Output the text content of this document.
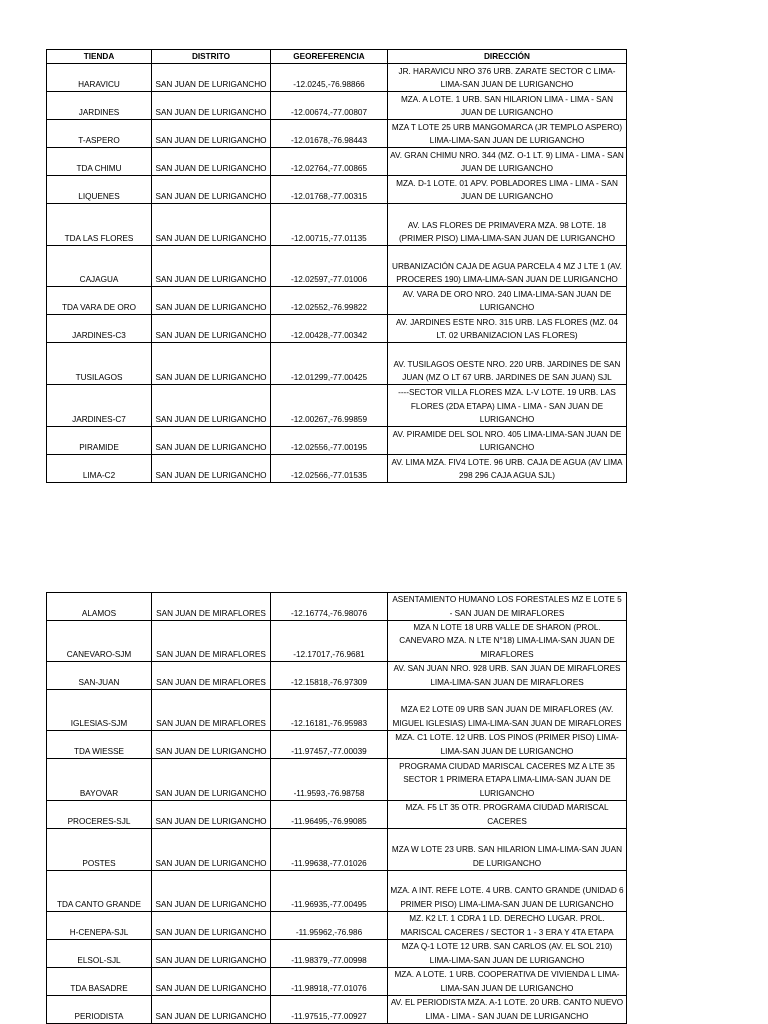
TIENDA	DISTRITO	GEOREFERENCIA	DIRECCIÓN
HARAVICU	SAN JUAN DE LURIGANCHO	-12.0245,-76.98866	JR. HARAVICU NRO 376 URB. ZARATE SECTOR C LIMA-LIMA-SAN JUAN DE LURIGANCHO
JARDINES	SAN JUAN DE LURIGANCHO	-12.00674,-77.00807	MZA. A LOTE. 1 URB. SAN HILARION LIMA - LIMA - SAN JUAN DE LURIGANCHO
T-ASPERO	SAN JUAN DE LURIGANCHO	-12.01678,-76.98443	MZA T LOTE 25 URB MANGOMARCA (JR TEMPLO ASPERO) LIMA-LIMA-SAN JUAN DE LURIGANCHO
TDA CHIMU	SAN JUAN DE LURIGANCHO	-12.02764,-77.00865	AV. GRAN CHIMU NRO. 344 (MZ. O-1 LT. 9) LIMA - LIMA - SAN JUAN DE LURIGANCHO
LIQUENES	SAN JUAN DE LURIGANCHO	-12.01768,-77.00315	MZA. D-1 LOTE. 01 APV. POBLADORES LIMA - LIMA - SAN JUAN DE LURIGANCHO
TDA LAS FLORES	SAN JUAN DE LURIGANCHO	-12.00715,-77.01135	AV. LAS FLORES DE PRIMAVERA MZA. 98 LOTE. 18 (PRIMER PISO) LIMA-LIMA-SAN JUAN DE LURIGANCHO
CAJAGUA	SAN JUAN DE LURIGANCHO	-12.02597,-77.01006	URBANIZACIÓN CAJA DE AGUA PARCELA 4 MZ J LTE 1 (AV. PROCERES 190) LIMA-LIMA-SAN JUAN DE LURIGANCHO
TDA VARA DE ORO	SAN JUAN DE LURIGANCHO	-12.02552,-76.99822	AV. VARA DE ORO NRO. 240 LIMA-LIMA-SAN JUAN DE LURIGANCHO
JARDINES-C3	SAN JUAN DE LURIGANCHO	-12.00428,-77.00342	AV. JARDINES ESTE NRO. 315 URB. LAS FLORES (MZ. 04 LT. 02 URBANIZACION LAS FLORES)
TUSILAGOS	SAN JUAN DE LURIGANCHO	-12.01299,-77.00425	AV. TUSILAGOS OESTE NRO. 220 URB. JARDINES DE SAN JUAN (MZ O LT 67 URB. JARDINES DE SAN JUAN) SJL
JARDINES-C7	SAN JUAN DE LURIGANCHO	-12.00267,-76.99859	----SECTOR VILLA FLORES MZA. L-V LOTE. 19 URB. LAS FLORES (2DA ETAPA) LIMA - LIMA - SAN JUAN DE LURIGANCHO
PIRAMIDE	SAN JUAN DE LURIGANCHO	-12.02556,-77.00195	AV. PIRAMIDE DEL SOL NRO. 405 LIMA-LIMA-SAN JUAN DE LURIGANCHO
LIMA-C2	SAN JUAN DE LURIGANCHO	-12.02566,-77.01535	AV. LIMA MZA. FIV4 LOTE. 96 URB. CAJA DE AGUA (AV LIMA 298 296 CAJA AGUA SJL)
ALAMOS	SAN JUAN DE MIRAFLORES	-12.16774,-76.98076	ASENTAMIENTO HUMANO LOS FORESTALES MZ E LOTE 5 - SAN JUAN DE MIRAFLORES
CANEVARO-SJM	SAN JUAN DE MIRAFLORES	-12.17017,-76.9681	MZA N LOTE 18 URB VALLE DE SHARON (PROL. CANEVARO MZA. N LTE N°18) LIMA-LIMA-SAN JUAN DE MIRAFLORES
SAN-JUAN	SAN JUAN DE MIRAFLORES	-12.15818,-76.97309	AV. SAN JUAN NRO. 928 URB. SAN JUAN DE MIRAFLORES LIMA-LIMA-SAN JUAN DE MIRAFLORES
IGLESIAS-SJM	SAN JUAN DE MIRAFLORES	-12.16181,-76.95983	MZA E2 LOTE 09 URB SAN JUAN DE MIRAFLORES (AV. MIGUEL IGLESIAS) LIMA-LIMA-SAN JUAN DE MIRAFLORES
TDA WIESSE	SAN JUAN DE LURIGANCHO	-11.97457,-77.00039	MZA. C1 LOTE. 12 URB. LOS PINOS (PRIMER PISO) LIMA-LIMA-SAN JUAN DE LURIGANCHO
BAYOVAR	SAN JUAN DE LURIGANCHO	-11.9593,-76.98758	PROGRAMA CIUDAD MARISCAL CACERES MZ A LTE 35 SECTOR 1 PRIMERA ETAPA LIMA-LIMA-SAN JUAN DE LURIGANCHO
PROCERES-SJL	SAN JUAN DE LURIGANCHO	-11.96495,-76.99085	MZA. F5 LT 35 OTR. PROGRAMA CIUDAD MARISCAL CACERES
POSTES	SAN JUAN DE LURIGANCHO	-11.99638,-77.01026	MZA W LOTE 23 URB. SAN HILARION LIMA-LIMA-SAN JUAN DE LURIGANCHO
TDA CANTO GRANDE	SAN JUAN DE LURIGANCHO	-11.96935,-77.00495	MZA. A INT. REFE LOTE. 4 URB. CANTO GRANDE (UNIDAD 6 PRIMER PISO) LIMA-LIMA-SAN JUAN DE LURIGANCHO
H-CENEPA-SJL	SAN JUAN DE LURIGANCHO	-11.95962,-76.986	MZ. K2 LT. 1 CDRA 1 LD. DERECHO LUGAR. PROL. MARISCAL CACERES / SECTOR 1 - 3 ERA Y 4TA ETAPA
ELSOL-SJL	SAN JUAN DE LURIGANCHO	-11.98379,-77.00998	MZA Q-1 LOTE 12 URB. SAN CARLOS (AV. EL SOL 210) LIMA-LIMA-SAN JUAN DE LURIGANCHO
TDA BASADRE	SAN JUAN DE LURIGANCHO	-11.98918,-77.01076	MZA. A LOTE. 1 URB. COOPERATIVA DE VIVIENDA L LIMA-LIMA-SAN JUAN DE LURIGANCHO
PERIODISTA	SAN JUAN DE LURIGANCHO	-11.97515,-77.00927	AV. EL PERIODISTA MZA. A-1 LOTE. 20 URB. CANTO NUEVO LIMA - LIMA - SAN JUAN DE LURIGANCHO
